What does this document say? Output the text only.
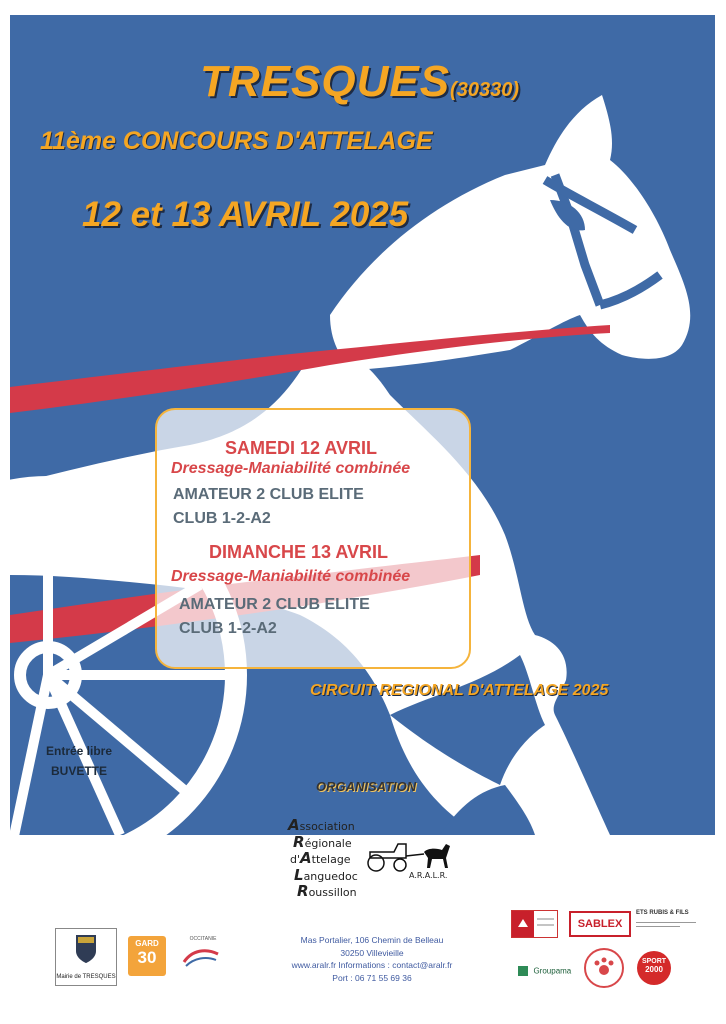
TRESQUES(30330)
11ème CONCOURS D'ATTELAGE
12 et 13 AVRIL 2025
SAMEDI 12 AVRIL
Dressage-Maniabilité combinée
AMATEUR 2 CLUB ELITE
CLUB 1-2-A2
DIMANCHE 13 AVRIL
Dressage-Maniabilité combinée
AMATEUR 2 CLUB ELITE
CLUB 1-2-A2
CIRCUIT REGIONAL D'ATTELAGE 2025
Entrée libre
BUVETTE
ORGANISATION
Association
Régionale
d'Attelage
Languedoc
Roussillon
A.R.A.L.R.
Mas Portalier, 106 Chemin de Belleau
30250 Villevieille
www.aralr.fr Informations : contact@aralr.fr
Port : 06 71 55 69 36
Mairie de TRESQUES
GARD
30
OCCITANIE
SABLEX
ETS RUBIS & FILS
Groupama
SPORT
2000
